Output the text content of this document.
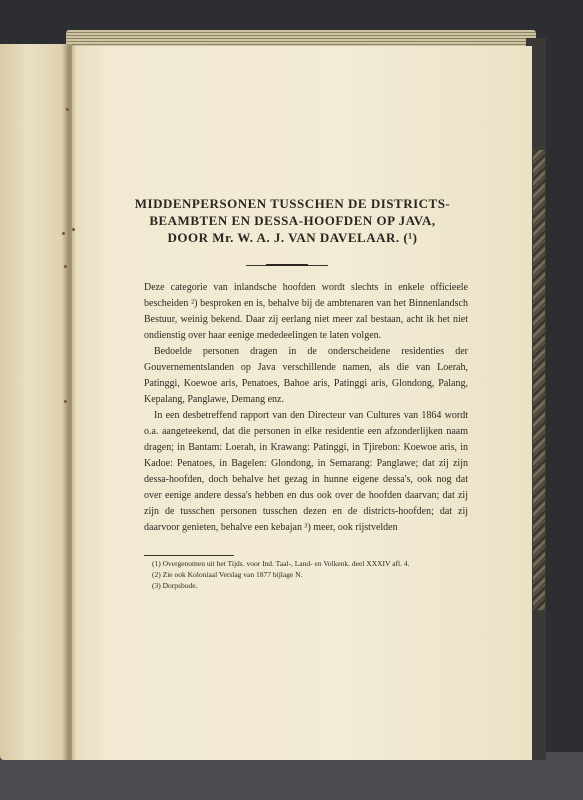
MIDDENPERSONEN TUSSCHEN DE DISTRICTS-
BEAMBTEN EN DESSA-HOOFDEN OP JAVA,
DOOR Mr. W. A. J. VAN DAVELAAR. (¹)

Deze categorie van inlandsche hoofden wordt slechts in enkele officieele bescheiden ²) besproken en is, behalve bij de ambtenaren van het Binnenlandsch Bestuur, weinig bekend. Daar zij eerlang niet meer zal bestaan, acht ik het niet ondienstig over haar eenige mededeelingen te laten volgen.

Bedoelde personen dragen in de onderscheidene residenties der Gouvernementslanden op Java verschillende namen, als die van Loerah, Patinggi, Koewoe aris, Penatoes, Bahoe aris, Patinggi aris, Glondong, Palang, Kepalang, Panglawe, Demang enz.

In een desbetreffend rapport van den Directeur van Cultures van 1864 wordt o.a. aangeteekend, dat die personen in elke residentie een afzonderlijken naam dragen; in Bantam: Loerah, in Krawang: Patinggi, in Tjirebon: Koewoe aris, in Kadoe: Penatoes, in Bagelen: Glondong, in Semarang: Panglawe; dat zij zijn dessa-hoofden, doch behalve het gezag in hunne eigene dessa's, ook nog dat over eenige andere dessa's hebben en dus ook over de hoofden daarvan; dat zij zijn de tusschen personen tusschen dezen en de districts-hoofden; dat zij daarvoor genieten, behalve een kebajan ³) meer, ook rijstvelden

(1) Overgenomen uit het Tijds. voor Ind. Taal-, Land- en Volkenk. deel XXXIV afl. 4.

(2) Zie ook Koloniaal Verslag van 1877 bijlage N.

(3) Dorpsbode.
